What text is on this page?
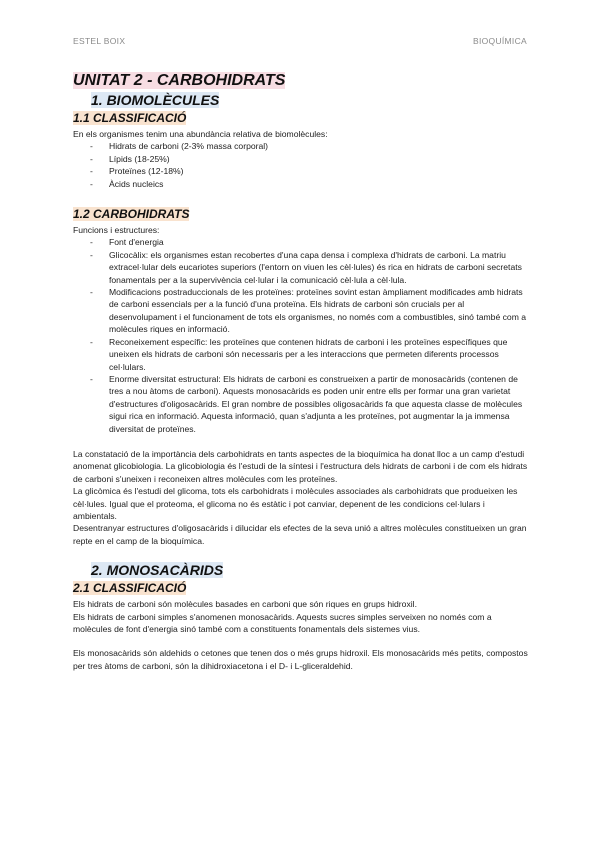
ESTEL BOIX	BIOQUÍMICA
UNITAT 2 - CARBOHIDRATS
1. BIOMOLÈCULES
1.1 CLASSIFICACIÓ

En els organismes tenim una abundància relativa de biomolècules:

- Hidrats de carboni (2-3% massa corporal)
- Lípids (18-25%)
- Proteïnes (12-18%)
- Àcids nucleics
1.2 CARBOHIDRATS

Funcions i estructures:

- Font d'energia
- Glicocàlix: els organismes estan recobertes d'una capa densa i complexa d'hidrats de carboni. La matriu extracel·lular dels eucariotes superiors (l'entorn on viuen les cèl·lules) és rica en hidrats de carboni secretats fonamentals per a la supervivència cel·lular i la comunicació cèl·lula a cèl·lula.
- Modificacions postraduccionals de les proteïnes: proteïnes sovint estan àmpliament modificades amb hidrats de carboni essencials per a la funció d'una proteïna. Els hidrats de carboni són crucials per al desenvolupament i el funcionament de tots els organismes, no només com a combustibles, sinó també com a molècules riques en informació.
- Reconeixement específic: les proteïnes que contenen hidrats de carboni i les proteïnes específiques que uneixen els hidrats de carboni són necessaris per a les interaccions que permeten diferents processos cel·lulars.
- Enorme diversitat estructural: Els hidrats de carboni es construeixen a partir de monosacàrids (contenen de tres a nou àtoms de carboni). Aquests monosacàrids es poden unir entre ells per formar una gran varietat d'estructures d'oligosacàrids. El gran nombre de possibles oligosacàrids fa que aquesta classe de molècules sigui rica en informació. Aquesta informació, quan s'adjunta a les proteïnes, pot augmentar la ja immensa diversitat de proteïnes.

La constatació de la importància dels carbohidrats en tants aspectes de la bioquímica ha donat lloc a un camp d'estudi anomenat glicobiologia. La glicobiologia és l'estudi de la síntesi i l'estructura dels hidrats de carboni i de com els hidrats de carboni s'uneixen i reconeixen altres molècules com les proteïnes.

La glicòmica és l'estudi del glicoma, tots els carbohidrats i molècules associades als carbohidrats que produeixen les cèl·lules. Igual que el proteoma, el glicoma no és estàtic i pot canviar, depenent de les condicions cel·lulars i ambientals.

Desentranyar estructures d'oligosacàrids i dilucidar els efectes de la seva unió a altres molècules constitueixen un gran repte en el camp de la bioquímica.

2. MONOSACÀRIDS
2.1 CLASSIFICACIÓ

Els hidrats de carboni són molècules basades en carboni que són riques en grups hidroxil.

Els hidrats de carboni simples s'anomenen monosacàrids. Aquests sucres simples serveixen no només com a molècules de font d'energia sinó també com a constituents fonamentals dels sistemes vius.

Els monosacàrids són aldehids o cetones que tenen dos o més grups hidroxil. Els monosacàrids més petits, compostos per tres àtoms de carboni, són la dihidroxiacetona i el D- i L-gliceraldehid.
